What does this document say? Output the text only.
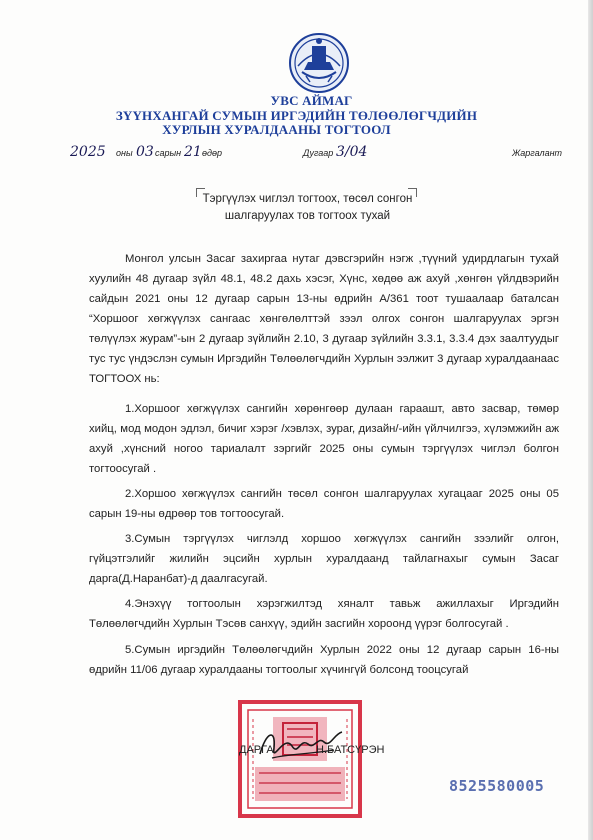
УВС АЙМАГ
ЗҮҮНХАНГАЙ СУМЫН ИРГЭДИЙН ТӨЛӨӨЛӨГЧДИЙН
ХУРЛЫН ХУРАЛДААНЫ ТОГТООЛ
2025 оны 03 сарын 21 өдөр	Дугаар 3/04	Жаргалант
Тэргүүлэх чиглэл тогтоох, төсөл сонгон
шалгаруулах тов тогтоох тухай
Монгол улсын Засаг захиргаа нутаг дэвсгэрийн нэгж ,түүний удирдлагын тухай хуулийн 48 дугаар зүйл 48.1, 48.2 дахь хэсэг, Хүнс, хөдөө аж ахуй ,хөнгөн үйлдвэрийн сайдын 2021 оны 12 дугаар сарын 13-ны өдрийн А/361 тоот тушаалаар баталсан “Хоршоог хөгжүүлэх сангаас хөнгөлөлттэй зээл олгох сонгон шалгаруулах эргэн төлүүлэх журам”-ын 2 дугаар зүйлийн 2.10, 3 дугаар зүйлийн 3.3.1, 3.3.4 дэх заалтуудыг тус тус үндэслэн сумын Иргэдийн Төлөөлөгчдийн Хурлын ээлжит 3 дугаар хуралдаанаас ТОГТООХ нь:
1.Хоршоог хөгжүүлэх сангийн хөрөнгөөр дулаан гараашт, авто засвар, төмөр хийц, мод модон эдлэл, бичиг хэрэг /хэвлэх, зураг, дизайн/-ийн үйлчилгээ, хүлэмжийн аж ахуй ,хүнсний ногоо тариалалт зэргийг 2025 оны сумын тэргүүлэх чиглэл болгон тогтоосугай .
2.Хоршоо хөгжүүлэх сангийн төсөл сонгон шалгаруулах хугацааг 2025 оны 05 сарын 19-ны өдрөөр тов тогтоосугай.
3.Сумын тэргүүлэх чиглэлд хоршоо хөгжүүлэх сангийн зээлийг олгон, гүйцэтгэлийг жилийн эцсийн хурлын хуралдаанд тайлагнахыг сумын Засаг дарга(Д.Наранбат)-д даалгасугай.
4.Энэхүү тогтоолын хэрэгжилтэд хяналт тавьж ажиллахыг Иргэдийн Төлөөлөгчдийн Хурлын Тэсөв санхүү, эдийн засгийн хороонд үүрэг болгосугай .
5.Сумын иргэдийн Төлөөлөгчдийн Хурлын 2022 оны 12 дугаар сарын 16-ны өдрийн 11/06 дугаар хуралдааны тогтоолыг хүчингүй болсонд тооцсугай
ДАРГА	Н.БАТСҮРЭН
8525580005
